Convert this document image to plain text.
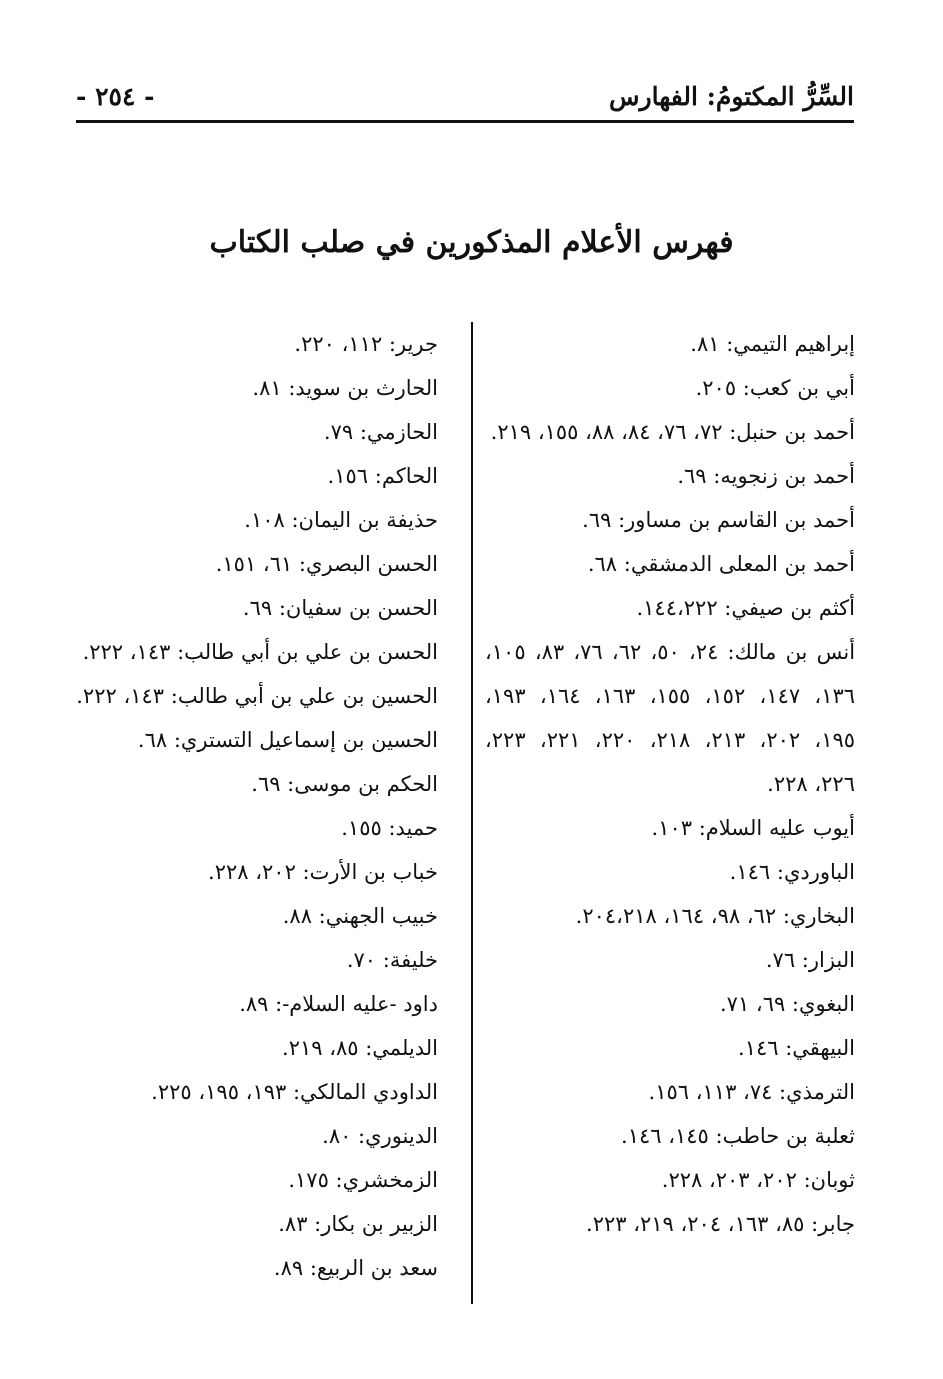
السِّرُّ المكتومُ: الفهارس
- ٢٥٤ -
فهرس الأعلام المذكورين في صلب الكتاب
إبراهيم التيمي: ٨١.
أبي بن كعب: ٢٠٥.
أحمد بن حنبل: ٧٢، ٧٦، ٨٤، ٨٨، ١٥٥، ٢١٩.
أحمد بن زنجويه: ٦٩.
أحمد بن القاسم بن مساور: ٦٩.
أحمد بن المعلى الدمشقي: ٦٨.
أكثم بن صيفي: ١٤٤،٢٢٢.
أنس بن مالك: ٢٤، ٥٠، ٦٢، ٧٦، ٨٣، ١٠٥، ١٣٦، ١٤٧، ١٥٢، ١٥٥، ١٦٣، ١٦٤، ١٩٣، ١٩٥، ٢٠٢، ٢١٣، ٢١٨، ٢٢٠، ٢٢١، ٢٢٣، ٢٢٦، ٢٢٨.
أيوب عليه السلام: ١٠٣.
الباوردي: ١٤٦.
البخاري: ٦٢، ٩٨، ١٦٤، ٢٠٤،٢١٨.
البزار: ٧٦.
البغوي: ٦٩، ٧١.
البيهقي: ١٤٦.
الترمذي: ٧٤، ١١٣، ١٥٦.
ثعلبة بن حاطب: ١٤٥، ١٤٦.
ثوبان: ٢٠٢، ٢٠٣، ٢٢٨.
جابر: ٨٥، ١٦٣، ٢٠٤، ٢١٩، ٢٢٣.
جرير: ١١٢، ٢٢٠.
الحارث بن سويد: ٨١.
الحازمي: ٧٩.
الحاكم: ١٥٦.
حذيفة بن اليمان: ١٠٨.
الحسن البصري: ٦١، ١٥١.
الحسن بن سفيان: ٦٩.
الحسن بن علي بن أبي طالب: ١٤٣، ٢٢٢.
الحسين بن علي بن أبي طالب: ١٤٣، ٢٢٢.
الحسين بن إسماعيل التستري: ٦٨.
الحكم بن موسى: ٦٩.
حميد: ١٥٥.
خباب بن الأرت: ٢٠٢، ٢٢٨.
خبيب الجهني: ٨٨.
خليفة: ٧٠.
داود -عليه السلام-: ٨٩.
الديلمي: ٨٥، ٢١٩.
الداودي المالكي: ١٩٣، ١٩٥، ٢٢٥.
الدينوري: ٨٠.
الزمخشري: ١٧٥.
الزبير بن بكار: ٨٣.
سعد بن الربيع: ٨٩.
